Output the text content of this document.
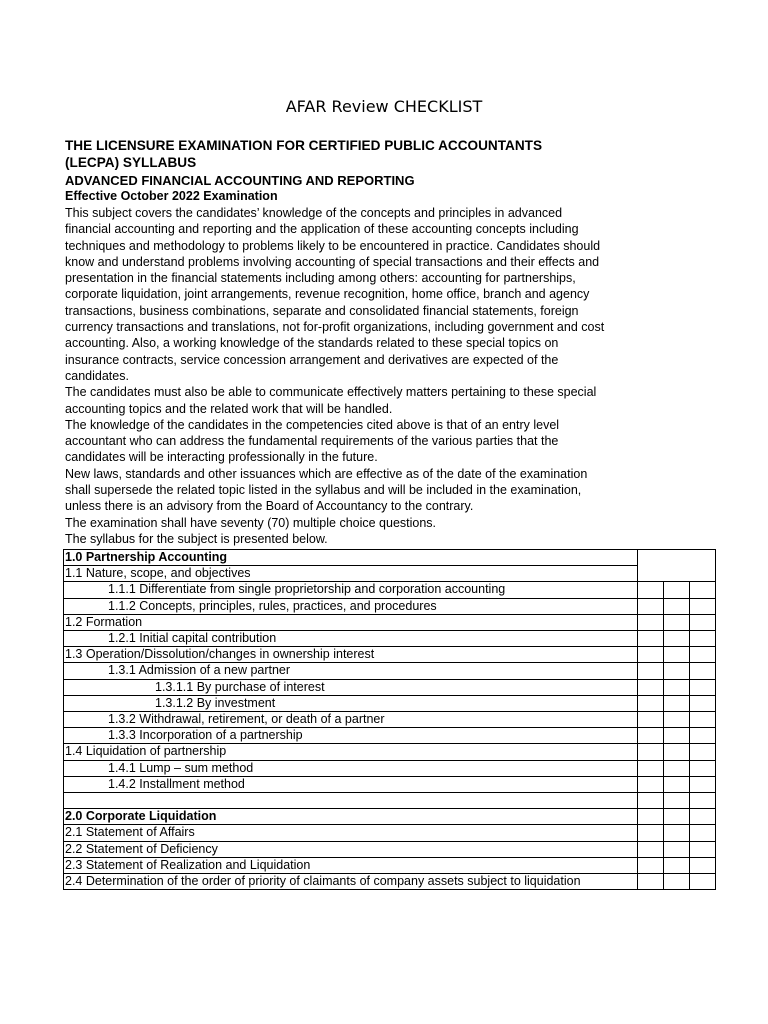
AFAR Review CHECKLIST
THE LICENSURE EXAMINATION FOR CERTIFIED PUBLIC ACCOUNTANTS
(LECPA) SYLLABUS
ADVANCED FINANCIAL ACCOUNTING AND REPORTING
Effective October 2022 Examination
This subject covers the candidates’ knowledge of the concepts and principles in advanced
financial accounting and reporting and the application of these accounting concepts including
techniques and methodology to problems likely to be encountered in practice. Candidates should
know and understand problems involving accounting of special transactions and their effects and
presentation in the financial statements including among others: accounting for partnerships,
corporate liquidation, joint arrangements, revenue recognition, home office, branch and agency
transactions, business combinations, separate and consolidated financial statements, foreign
currency transactions and translations, not for-profit organizations, including government and cost
accounting. Also, a working knowledge of the standards related to these special topics on
insurance contracts, service concession arrangement and derivatives are expected of the
candidates.
The candidates must also be able to communicate effectively matters pertaining to these special
accounting topics and the related work that will be handled.
The knowledge of the candidates in the competencies cited above is that of an entry level
accountant who can address the fundamental requirements of the various parties that the
candidates will be interacting professionally in the future.
New laws, standards and other issuances which are effective as of the date of the examination
shall supersede the related topic listed in the syllabus and will be included in the examination,
unless there is an advisory from the Board of Accountancy to the contrary.
The examination shall have seventy (70) multiple choice questions.
The syllabus for the subject is presented below.
1.0 Partnership Accounting			
1.1 Nature, scope, and objectives			
1.1.1 Differentiate from single proprietorship and corporation accounting			
1.1.2 Concepts, principles, rules, practices, and procedures			
1.2 Formation			
1.2.1 Initial capital contribution			
1.3 Operation/Dissolution/changes in ownership interest			
1.3.1 Admission of a new partner			
1.3.1.1 By purchase of interest			
1.3.1.2 By investment			
1.3.2 Withdrawal, retirement, or death of a partner			
1.3.3 Incorporation of a partnership			
1.4 Liquidation of partnership			
1.4.1 Lump – sum method			
1.4.2 Installment method			

2.0 Corporate Liquidation			
2.1 Statement of Affairs			
2.2 Statement of Deficiency			
2.3 Statement of Realization and Liquidation			
2.4 Determination of the order of priority of claimants of company assets subject to liquidation			
